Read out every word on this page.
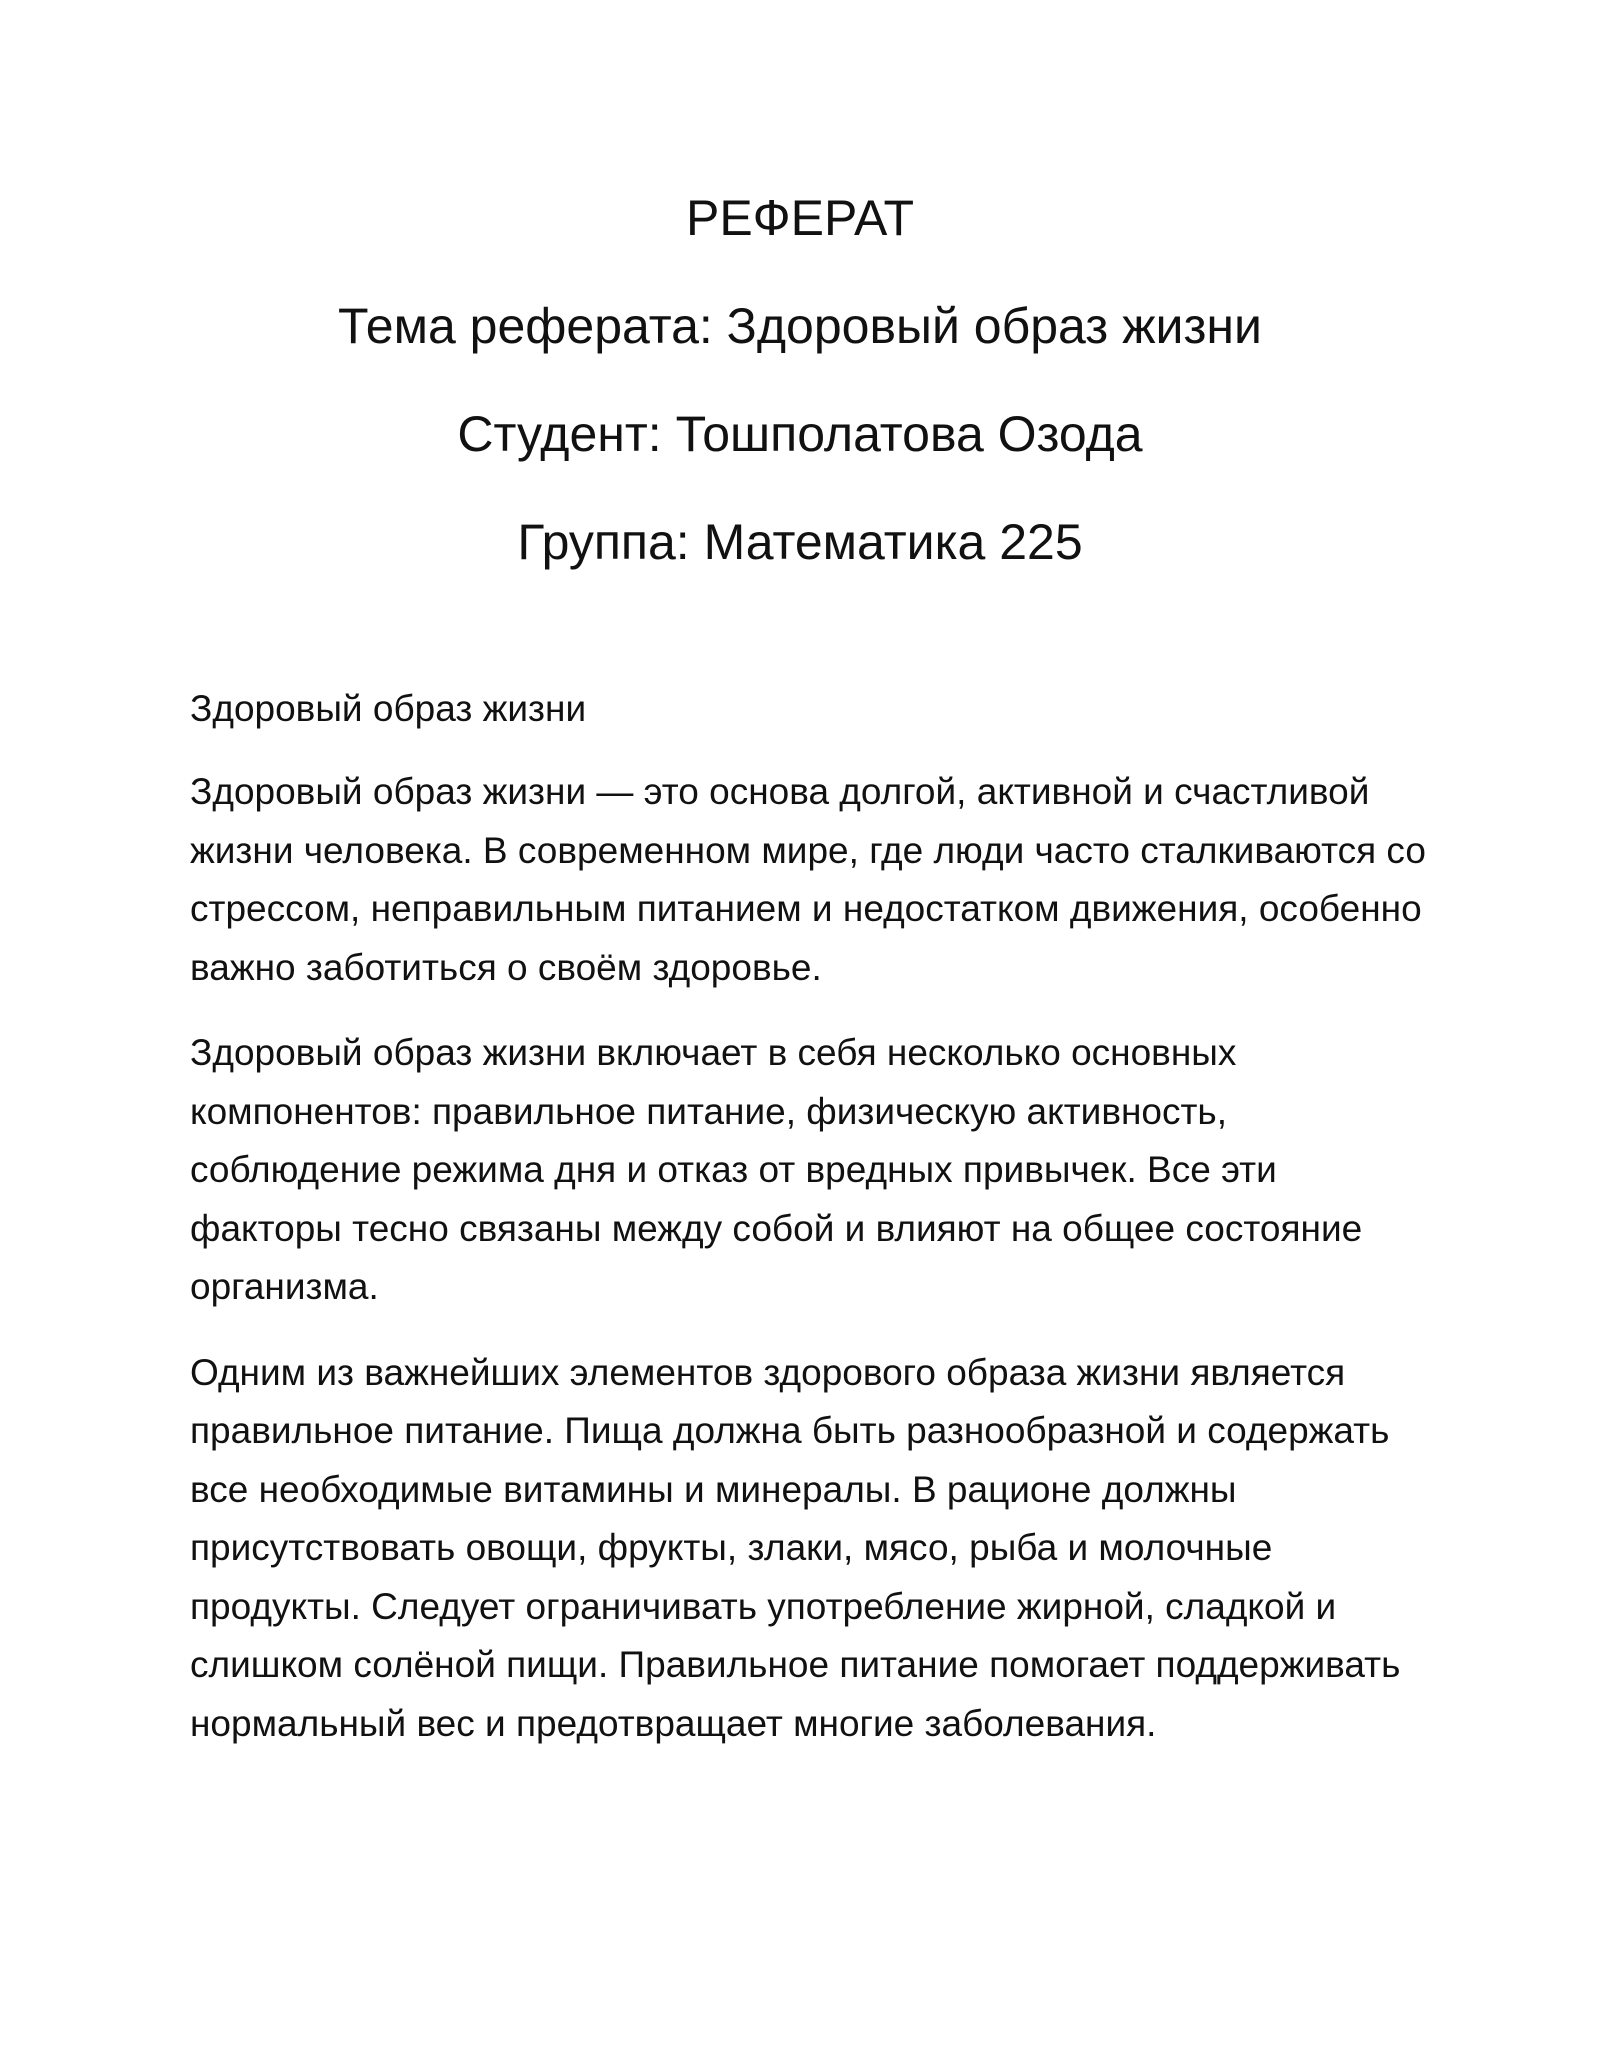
РЕФЕРАТ
Тема реферата: Здоровый образ жизни
Студент: Тошполатова Озода
Группа: Математика 225
Здоровый образ жизни

Здоровый образ жизни — это основа долгой, активной и счастливой жизни человека. В современном мире, где люди часто сталкиваются со стрессом, неправильным питанием и недостатком движения, особенно важно заботиться о своём здоровье.

Здоровый образ жизни включает в себя несколько основных компонентов: правильное питание, физическую активность, соблюдение режима дня и отказ от вредных привычек. Все эти факторы тесно связаны между собой и влияют на общее состояние организма.

Одним из важнейших элементов здорового образа жизни является правильное питание. Пища должна быть разнообразной и содержать все необходимые витамины и минералы. В рационе должны присутствовать овощи, фрукты, злаки, мясо, рыба и молочные продукты. Следует ограничивать употребление жирной, сладкой и слишком солёной пищи. Правильное питание помогает поддерживать нормальный вес и предотвращает многие заболевания.
